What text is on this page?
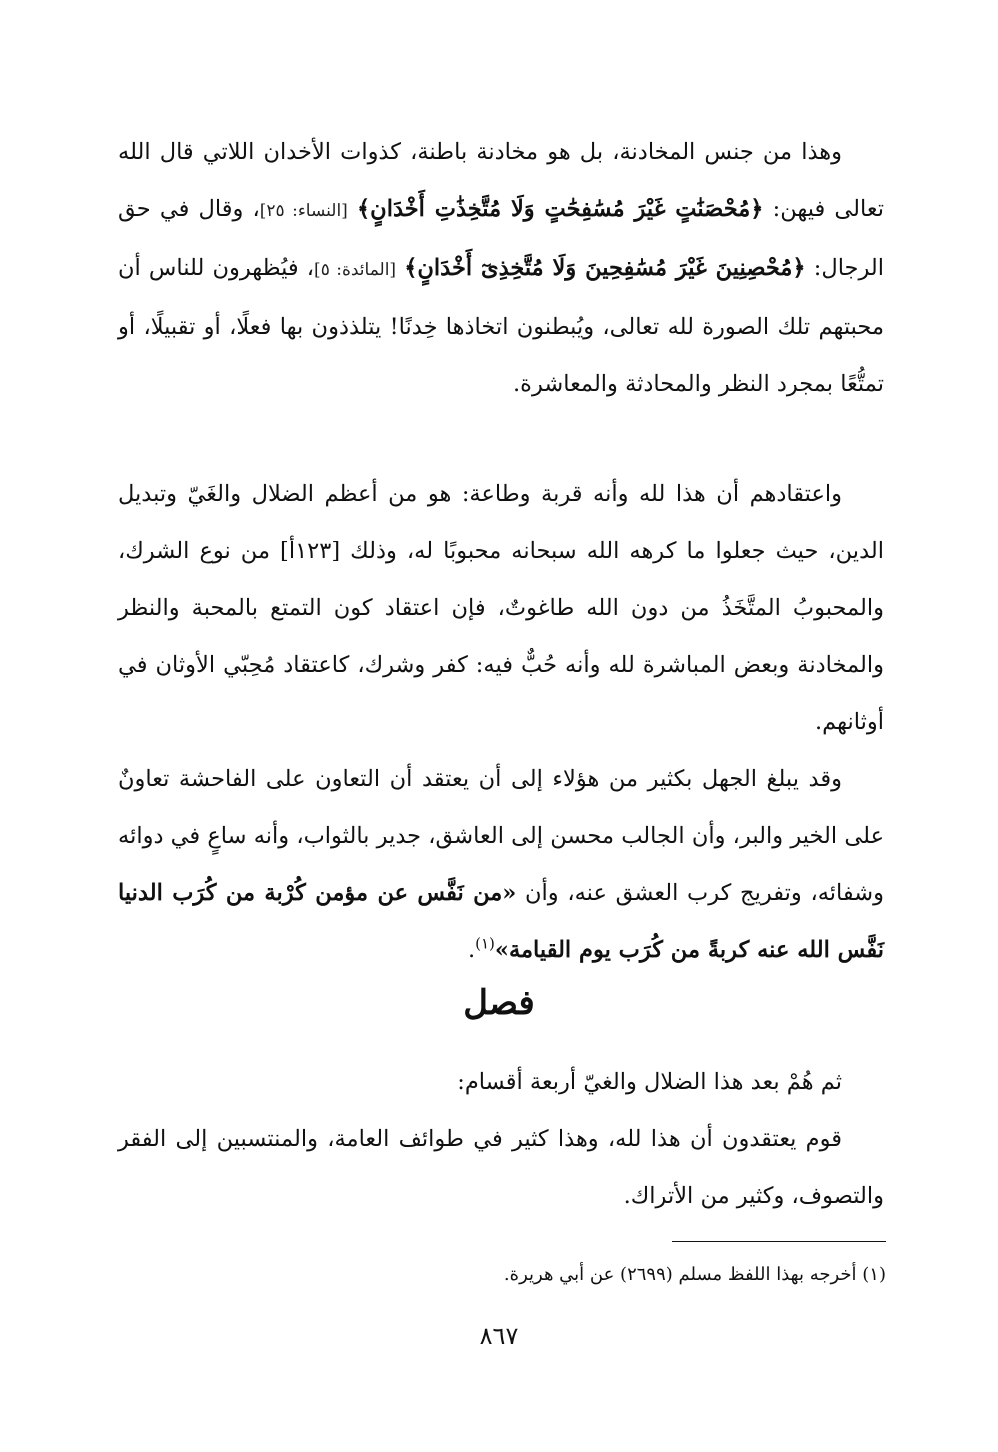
وهذا من جنس المخادنة، بل هو مخادنة باطنة، كذوات الأخدان اللاتي قال الله تعالى فيهن: ﴿مُحْصَنَٰتٍ غَيْرَ مُسَٰفِحَٰتٍ وَلَا مُتَّخِذَٰتِ أَخْدَانٍ﴾ [النساء: ٢٥]، وقال في حق الرجال: ﴿مُحْصِنِينَ غَيْرَ مُسَٰفِحِينَ وَلَا مُتَّخِذِىٓ أَخْدَانٍ﴾ [المائدة: ٥]، فيُظهرون للناس أن محبتهم تلك الصورة لله تعالى، ويُبطنون اتخاذها خِدنًا! يتلذذون بها فعلًا، أو تقبيلًا، أو تمتُّعًا بمجرد النظر والمحادثة والمعاشرة.

واعتقادهم أن هذا لله وأنه قربة وطاعة: هو من أعظم الضلال والغَيّ وتبديل الدين، حيث جعلوا ما كرهه الله سبحانه محبوبًا له، وذلك [١٢٣أ] من نوع الشرك، والمحبوبُ المتَّخَذُ من دون الله طاغوتٌ، فإن اعتقاد كون التمتع بالمحبة والنظر والمخادنة وبعض المباشرة لله وأنه حُبٌّ فيه: كفر وشرك، كاعتقاد مُحِبّي الأوثان في أوثانهم.

وقد يبلغ الجهل بكثير من هؤلاء إلى أن يعتقد أن التعاون على الفاحشة تعاونٌ على الخير والبر، وأن الجالب محسن إلى العاشق، جدير بالثواب، وأنه ساعٍ في دوائه وشفائه، وتفريج كرب العشق عنه، وأن «من نَفَّس عن مؤمن كُرْبة من كُرَب الدنيا نَفَّس الله عنه كربةً من كُرَب يوم القيامة»$^{(١)}$.

فصل

ثم هُمْ بعد هذا الضلال والغيّ أربعة أقسام:

قوم يعتقدون أن هذا لله، وهذا كثير في طوائف العامة، والمنتسبين إلى الفقر والتصوف، وكثير من الأتراك.

(١) أخرجه بهذا اللفظ مسلم (٢٦٩٩) عن أبي هريرة.
٨٦٧
